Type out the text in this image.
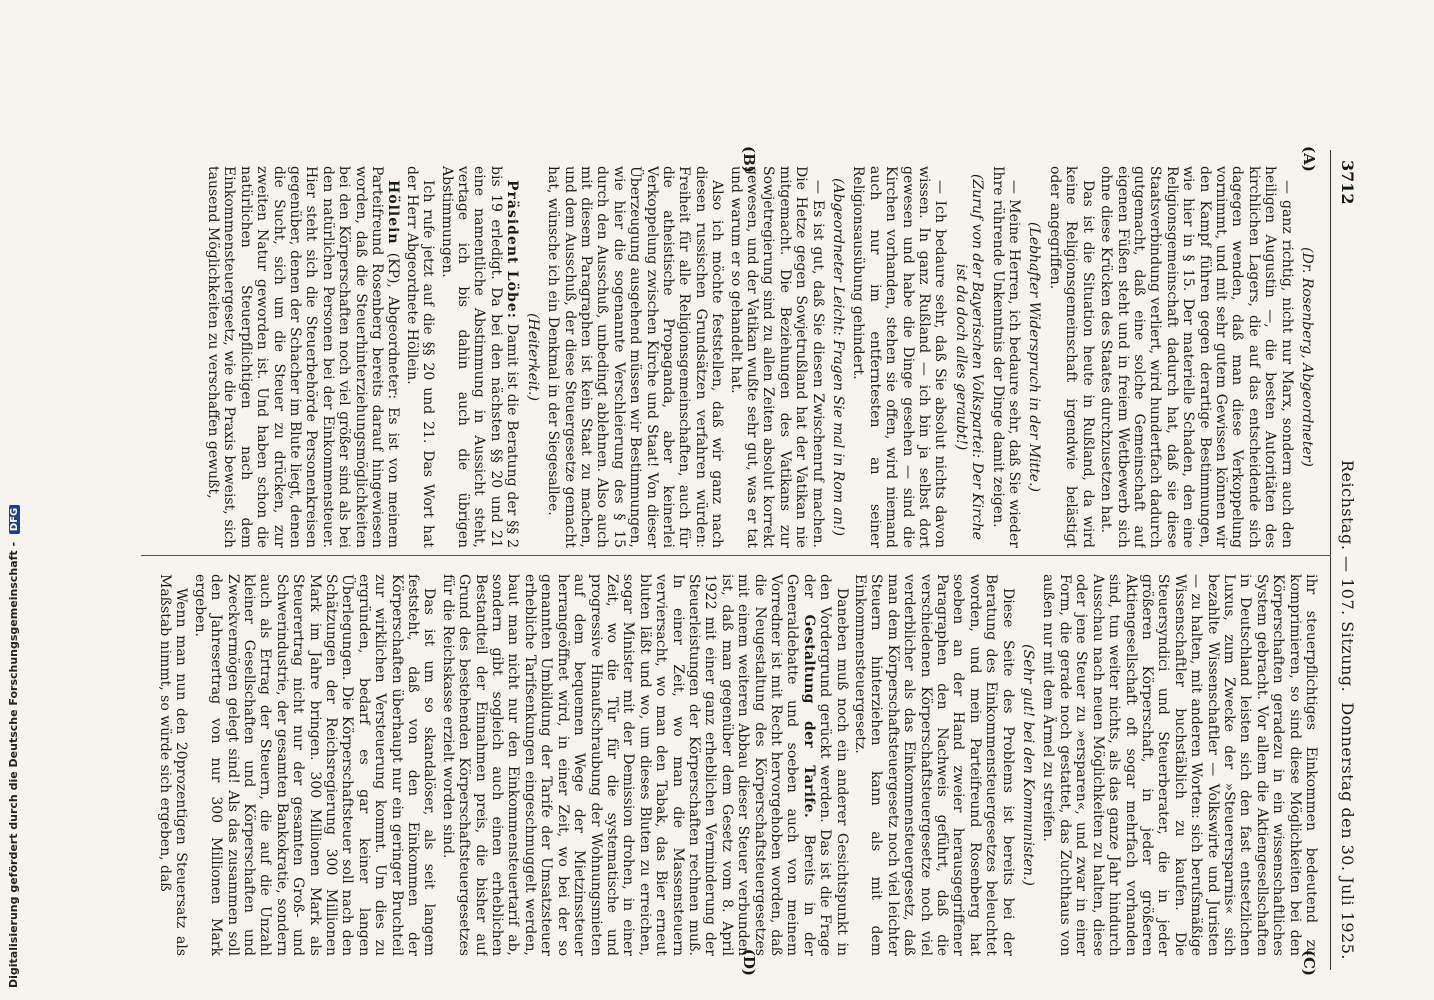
Digitalisierung gefördert durch die Deutsche Forschungsgemeinschaft - DFG
3712
Reichstag. — 107. Sitzung.
Donnerstag den 30. Juli 1925.
(A)
(B)
(C)
(D)

(Dr. Rosenberg, Abgeordneter)

— ganz richtig, nicht nur Marx, sondern auch den heiligen Augustin —, die besten Autoritäten des kirchlichen Lagers, die auf das entscheidende sich dagegen wenden, daß man diese Verkoppelung vornimmt, und mit sehr gutem Gewissen können wir den Kampf führen gegen derartige Bestimmungen, wie hier in § 15. Der materielle Schaden, den eine Religionsgemeinschaft dadurch hat, daß sie diese Staatsverbindung verliert, wird hundertfach dadurch gutgemacht, daß eine solche Gemeinschaft auf eigenen Füßen steht und in freiem Wettbewerb sich ohne diese Krücken des Staates durchzusetzen hat.

Das ist die Situation heute in Rußland, da wird keine Religionsgemeinschaft irgendwie belästigt oder angegriffen.

(Lebhafter Widerspruch in der Mitte.)

— Meine Herren, ich bedaure sehr, daß Sie wieder Ihre rührende Unkenntnis der Dinge damit zeigen.

(Zuruf von der Bayerischen Volkspartei: Der Kirche ist da doch alles geraubt!)

— Ich bedaure sehr, daß Sie absolut nichts davon wissen. In ganz Rußland — ich bin ja selbst dort gewesen und habe die Dinge gesehen — sind die Kirchen vorhanden, stehen sie offen, wird niemand auch nur im entferntesten an seiner Religionsausübung gehindert.

(Abgeordneter Leicht: Fragen Sie mal in Rom an!)

— Es ist gut, daß Sie diesen Zwischenruf machen. Die Hetze gegen Sowjetrußland hat der Vatikan nie mitgemacht. Die Beziehungen des Vatikans zur Sowjetregierung sind zu allen Zeiten absolut korrekt gewesen, und der Vatikan wußte sehr gut, was er tat und warum er so gehandelt hat.

Also ich möchte feststellen, daß wir ganz nach diesen russischen Grundsätzen verfahren würden: Freiheit für alle Religionsgemeinschaften, auch für die atheistische Propaganda, aber keinerlei Verkoppelung zwischen Kirche und Staat! Von dieser Überzeugung ausgehend müssen wir Bestimmungen, wie hier die sogenannte Verschleierung des § 15 durch den Ausschuß, unbedingt ablehnen. Also auch mit diesem Paragraphen ist kein Staat zu machen, und dem Ausschuß, der diese Steuergesetze gemacht hat, wünsche ich ein Denkmal in der Siegesallee.

(Heiterkeit.)

Präsident Löbe: Damit ist die Beratung der §§ 2 bis 19 erledigt. Da bei den nächsten §§ 20 und 21 eine namentliche Abstimmung in Aussicht steht, vertage ich bis dahin auch die übrigen Abstimmungen.

Ich rufe jetzt auf die §§ 20 und 21. Das Wort hat der Herr Abgeordnete Höllein.

Höllein (KP), Abgeordneter: Es ist von meinem Parteifreund Rosenberg bereits darauf hingewiesen worden, daß die Steuerhinterziehungsmöglichkeiten bei den Körperschaften noch viel größer sind als bei den natürlichen Personen bei der Einkommensteuer. Hier steht sich die Steuerbehörde Personenkreisen gegenüber, denen der Schacher im Blute liegt, denen die Sucht, sich um die Steuer zu drücken, zur zweiten Natur geworden ist. Und haben schon die natürlichen Steuerpflichtigen nach dem Einkommensteuergesetz, wie die Praxis beweist, sich tausend Möglichkeiten zu verschaffen gewußt,

ihr steuerpflichtiges Einkommen bedeutend zu komprimieren, so sind diese Möglichkeiten bei den Körperschaften geradezu in ein wissenschaftliches System gebracht. Vor allem die Aktiengesellschaften in Deutschland leisten sich den fast entsetzlichen Luxus, zum Zwecke der »Steuerersparnis« sich bezahlte Wissenschaftler — Volkswirte und Juristen — zu halten, mit anderen Worten: sich berufsmäßige Wissenschaftler buchstäblich zu kaufen. Die Steuersyndici und Steuerberater, die in jeder größeren Körperschaft, in jeder größeren Aktiengesellschaft oft sogar mehrfach vorhanden sind, tun weiter nichts, als das ganze Jahr hindurch Ausschau nach neuen Möglichkeiten zu halten, diese oder jene Steuer zu »ersparen«, und zwar in einer Form, die gerade noch gestattet, das Zuchthaus von außen nur mit dem Ärmel zu streifen.

(Sehr gut! bei den Kommunisten.)

Diese Seite des Problems ist bereits bei der Beratung des Einkommensteuergesetzes beleuchtet worden, und mein Parteifreund Rosenberg hat soeben an der Hand zweier herausgegriffener Paragraphen den Nachweis geführt, daß die verschiedenen Körperschaftsteuergesetze noch viel verderblicher als das Einkommensteuergesetz, daß man dem Körperschaftsteuergesetz noch viel leichter Steuern hinterziehen kann als mit dem Einkommensteuergesetz.

Daneben muß noch ein anderer Gesichtspunkt in den Vordergrund gerückt werden. Das ist die Frage der Gestaltung der Tarife. Bereits in der Generaldebatte und soeben auch von meinem Vorredner ist mit Recht hervorgehoben worden, daß die Neugestaltung des Körperschaftsteuergesetzes mit einem weiteren Abbau dieser Steuer verbunden ist, daß man gegenüber dem Gesetz vom 8. April 1922 mit einer ganz erheblichen Verminderung der Steuerleistungen der Körperschaften rechnen muß. In einer Zeit, wo man die Massensteuern verviersacht, wo man den Tabak, das Bier erneut bluten läßt und wo, um dieses Bluten zu erreichen, sogar Minister mit der Demission drohen, in einer Zeit, wo die Tür für die systematische und progressive Hinaufschraubung der Wohnungsmieten auf dem bequemen Wege der Mietzinssteuer herrangeöffnet wird, in einer Zeit, wo bei der so genannten Umbildung der Tarife der Umsatzsteuer erhebliche Tarifsenkungen eingeschmuggelt werden, baut man nicht nur den Einkommensteuertarif ab, sondern gibt sogleich auch einen erheblichen Bestandteil der Einnahmen preis, die bisher auf Grund des bestehenden Körperschaftsteuergesetzes für die Reichskasse erzielt worden sind.

Das ist um so skandalöser, als seit langem feststeht, daß von den Einkommen der Körperschaften überhaupt nur ein geringer Bruchteil zur wirklichen Versteuerung kommt. Um dies zu ergründen, bedarf es gar keiner langen Überlegungen. Die Körperschaftsteuer soll nach den Schätzungen der Reichsregierung 300 Millionen Mark im Jahre bringen. 300 Millionen Mark als Steuerertrag nicht nur der gesamten Groß- und Schwerindustrie, der gesamten Bankokratie, sondern auch als Ertrag der Steuern, die auf die Unzahl kleiner Gesellschaften und Körperschaften und Zweckvermögen gelegt sind! Als das zusammen soll den Jahresertrag von nur 300 Millionen Mark ergeben.

Wenn man nun den 20prozentigen Steuersatz als Maßstab nimmt, so würde sich ergeben, daß
